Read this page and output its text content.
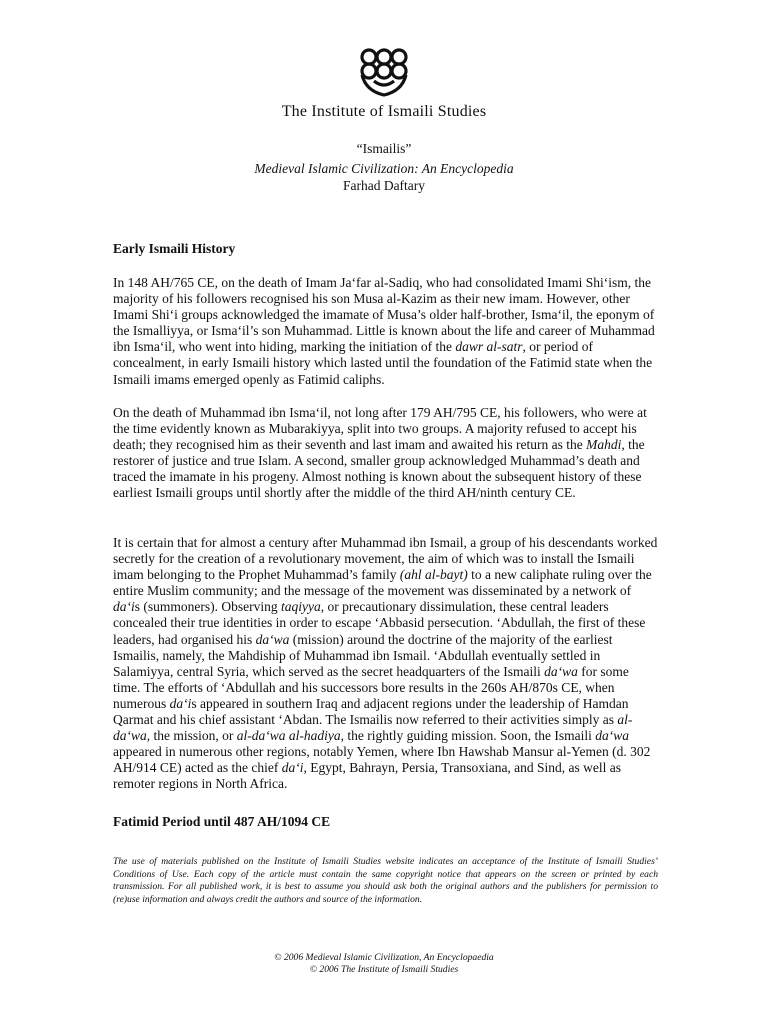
The Institute of Ismaili Studies
“Ismailis”
Medieval Islamic Civilization: An Encyclopedia
Farhad Daftary
Early Ismaili History

In 148 AH/765 CE, on the death of Imam Ja‘far al-Sadiq, who had consolidated Imami Shi‘ism, the majority of his followers recognised his son Musa al-Kazim as their new imam. However, other Imami Shi‘i groups acknowledged the imamate of Musa’s older half-brother, Isma‘il, the eponym of the Ismalliyya, or Isma‘il’s son Muhammad. Little is known about the life and career of Muhammad ibn Isma‘il, who went into hiding, marking the initiation of the dawr al-satr, or period of concealment, in early Ismaili history which lasted until the foundation of the Fatimid state when the Ismaili imams emerged openly as Fatimid caliphs.

On the death of Muhammad ibn Isma‘il, not long after 179 AH/795 CE, his followers, who were at the time evidently known as Mubarakiyya, split into two groups. A majority refused to accept his death; they recognised him as their seventh and last imam and awaited his return as the Mahdi, the restorer of justice and true Islam. A second, smaller group acknowledged Muhammad’s death and traced the imamate in his progeny. Almost nothing is known about the subsequent history of these earliest Ismaili groups until shortly after the middle of the third AH/ninth century CE.

It is certain that for almost a century after Muhammad ibn Ismail, a group of his descendants worked secretly for the creation of a revolutionary movement, the aim of which was to install the Ismaili imam belonging to the Prophet Muhammad’s family (ahl al-bayt) to a new caliphate ruling over the entire Muslim community; and the message of the movement was disseminated by a network of da‘is (summoners). Observing taqiyya, or precautionary dissimulation, these central leaders concealed their true identities in order to escape ‘Abbasid persecution. ‘Abdullah, the first of these leaders, had organised his da‘wa (mission) around the doctrine of the majority of the earliest Ismailis, namely, the Mahdiship of Muhammad ibn Ismail. ‘Abdullah eventually settled in Salamiyya, central Syria, which served as the secret headquarters of the Ismaili da‘wa for some time. The efforts of ‘Abdullah and his successors bore results in the 260s AH/870s CE, when numerous da‘is appeared in southern Iraq and adjacent regions under the leadership of Hamdan Qarmat and his chief assistant ‘Abdan. The Ismailis now referred to their activities simply as al-da‘wa, the mission, or al-da‘wa al-hadiya, the rightly guiding mission. Soon, the Ismaili da‘wa appeared in numerous other regions, notably Yemen, where Ibn Hawshab Mansur al-Yemen (d. 302 AH/914 CE) acted as the chief da‘i, Egypt, Bahrayn, Persia, Transoxiana, and Sind, as well as remoter regions in North Africa.

Fatimid Period until 487 AH/1094 CE

The use of materials published on the Institute of Ismaili Studies website indicates an acceptance of the Institute of Ismaili Studies’ Conditions of Use. Each copy of the article must contain the same copyright notice that appears on the screen or printed by each transmission. For all published work, it is best to assume you should ask both the original authors and the publishers for permission to (re)use information and always credit the authors and source of the information.

© 2006 Medieval Islamic Civilization, An Encyclopaedia
© 2006 The Institute of Ismaili Studies
